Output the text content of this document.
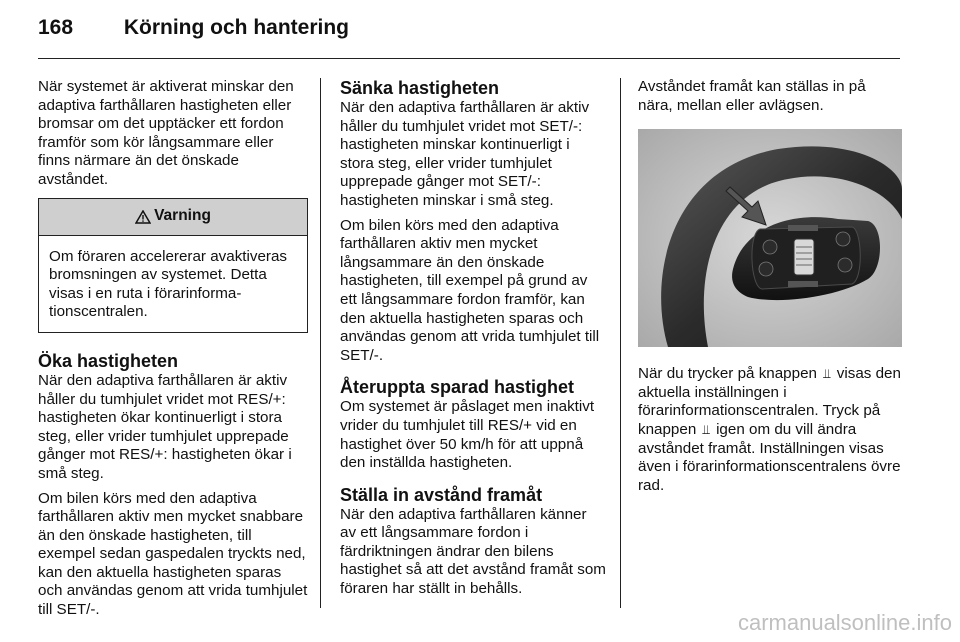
168 Körning och hantering

När systemet är aktiverat minskar den adaptiva farthållaren hastigheten eller bromsar om det upptäcker ett fordon framför som kör långsammare eller finns närmare än det önskade avståndet.

Varning
Om föraren accelererar avaktiveras bromsningen av systemet. Detta visas i en ruta i förarinforma-tionscentralen.
Öka hastigheten

När den adaptiva farthållaren är aktiv håller du tumhjulet vridet mot RES/+: hastigheten ökar kontinuerligt i stora steg, eller vrider tumhjulet upprepade gånger mot RES/+: hastigheten ökar i små steg.

Om bilen körs med den adaptiva farthållaren aktiv men mycket snabbare än den önskade hastigheten, till exempel sedan gaspedalen tryckts ned, kan den aktuella hastigheten sparas och användas genom att vrida tumhjulet till SET/-.

Sänka hastigheten

När den adaptiva farthållaren är aktiv håller du tumhjulet vridet mot SET/-: hastigheten minskar kontinuerligt i stora steg, eller vrider tumhjulet upprepade gånger mot SET/-: hastigheten minskar i små steg.

Om bilen körs med den adaptiva farthållaren aktiv men mycket långsammare än den önskade hastigheten, till exempel på grund av ett långsammare fordon framför, kan den aktuella hastigheten sparas och användas genom att vrida tumhjulet till SET/-.

Återuppta sparad hastighet

Om systemet är påslaget men inaktivt vrider du tumhjulet till RES/+ vid en hastighet över 50 km/h för att uppnå den inställda hastigheten.

Ställa in avstånd framåt

När den adaptiva farthållaren känner av ett långsammare fordon i färdriktningen ändrar den bilens hastighet så att det avstånd framåt som föraren har ställt in behålls.

Avståndet framåt kan ställas in på nära, mellan eller avlägsen.

När du trycker på knappen ⫫ visas den aktuella inställningen i förarinformationscentralen. Tryck på knappen ⫫ igen om du vill ändra avståndet framåt. Inställningen visas även i förarinformationscentralens övre rad.

carmanualsonline.info
